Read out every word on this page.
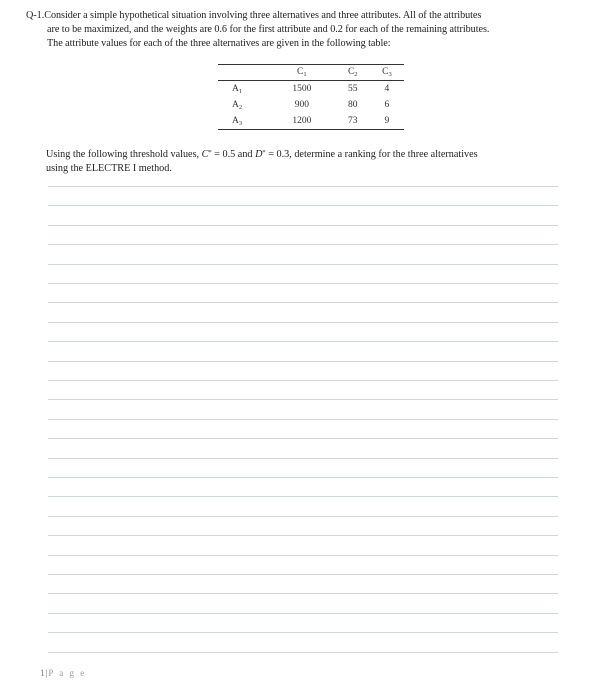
Q-1.Consider a simple hypothetical situation involving three alternatives and three attributes. All of the attributes
are to be maximized, and the weights are 0.6 for the first attribute and 0.2 for each of the remaining attributes.
The attribute values for each of the three alternatives are given in the following table:
	$C_1$	$C_2$	$C_3$
$A_1$	1500	55	4
$A_2$	900	80	6
$A_3$	1200	73	9
Using the following threshold values, C* = 0.5 and D* = 0.3, determine a ranking for the three alternatives
using the ELECTRE I method.
1|P a g e
